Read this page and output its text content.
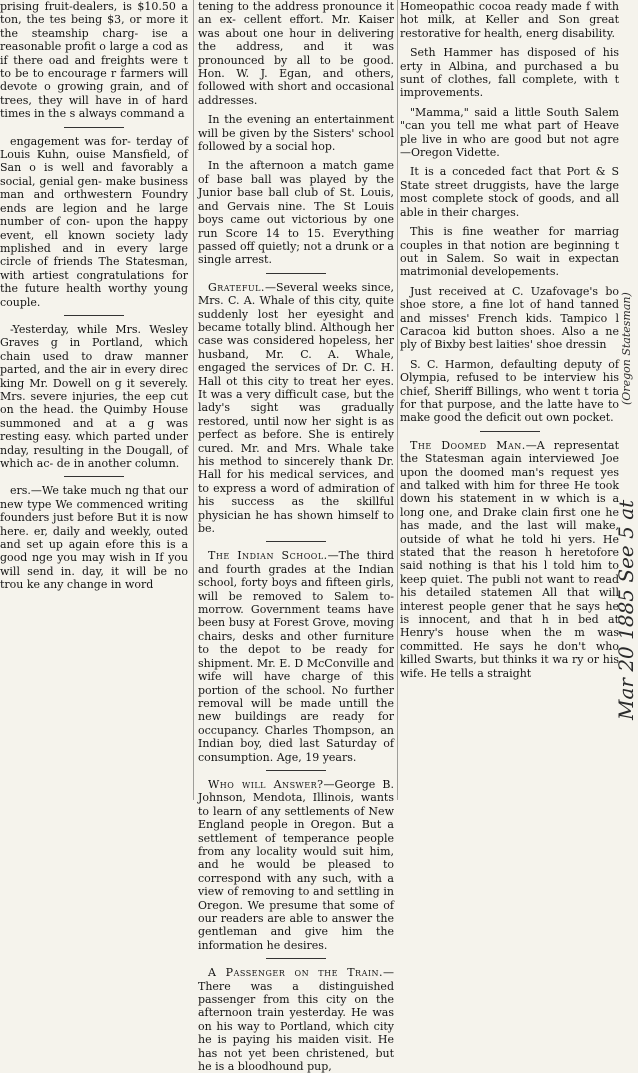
prising fruit-dealers, is $10.50 a ton, the tes being $3, or more it the steamship charg- ise a reasonable profit o large a cod as if there oad and freights were t to be to encourage r farmers will devote o growing grain, and of trees, they will have in of hard times in the s always command a

engagement was for- terday of Louis Kuhn, ouise Mansfield, of San o is well and favorably a social, genial gen- make business man and orthwestern Foundry ends are legion and he large number of con- upon the happy event, ell known society lady mplished and in every large circle of friends The Statesman, with artiest congratulations for the future health worthy young couple.

-Yesterday, while Mrs. Wesley Graves g in Portland, which chain used to draw manner parted, and the air in every direc king Mr. Dowell on g it severely. Mrs. severe injuries, the eep cut on the head. the Quimby House summoned and at a g was resting easy. which parted under nday, resulting in the Dougall, of which ac- de in another column.

ers.—We take much ng that our new type We commenced writing founders just before But it is now here. er, daily and weekly, outed and set up again efore this is a good nge you may wish in If you will send in. day, it will be no trou ke any change in word

tening to the address pronounce it an ex- cellent effort. Mr. Kaiser was about one hour in delivering the address, and it was pronounced by all to be good. Hon. W. J. Egan, and others, followed with short and occasional addresses.

In the evening an entertainment will be given by the Sisters' school followed by a social hop.

In the afternoon a match game of base ball was played by the Junior base ball club of St. Louis, and Gervais nine. The St Louis boys came out victorious by one run Score 14 to 15. Everything passed off quietly; not a drunk or a single arrest.

Grateful.—Several weeks since, Mrs. C. A. Whale of this city, quite suddenly lost her eyesight and became totally blind. Although her case was considered hopeless, her husband, Mr. C. A. Whale, engaged the services of Dr. C. H. Hall ot this city to treat her eyes. It was a very difficult case, but the lady's sight was gradually restored, until now her sight is as perfect as before. She is entirely cured. Mr. and Mrs. Whale take his method to sincerely thank Dr. Hall for his medical services, and to express a word of admiration of his success as the skillful physician he has shown himself to be.

The Indian School.—The third and fourth grades at the Indian school, forty boys and fifteen girls, will be removed to Salem to-morrow. Government teams have been busy at Forest Grove, moving chairs, desks and other furniture to the depot to be ready for shipment. Mr. E. D McConville and wife will have charge of this portion of the school. No further removal will be made untill the new buildings are ready for occupancy. Charles Thompson, an Indian boy, died last Saturday of consumption. Age, 19 years.

Who will Answer?—George B. Johnson, Mendota, Illinois, wants to learn of any settlements of New England people in Oregon. But a settlement of temperance people from any locality would suit him, and he would be pleased to correspond with any such, with a view of removing to and settling in Oregon. We presume that some of our readers are able to answer the gentleman and give him the information he desires.

A Passenger on the Train.—There was a distinguished passenger from this city on the afternoon train yesterday. He was on his way to Portland, which city he is paying his maiden visit. He has not yet been christened, but he is a bloodhound pup,

Homeopathic cocoa ready made f with hot milk, at Keller and Son great restorative for health, energ disability.

Seth Hammer has disposed of his erty in Albina, and purchased a bu sunt of clothes, fall complete, with t improvements.

"Mamma," said a little South Salem "can you tell me what part of Heave ple live in who are good but not agre —Oregon Vidette.

It is a conceded fact that Port & S State street druggists, have the large most complete stock of goods, and all able in their charges.

This is fine weather for marriag couples in that notion are beginning t out in Salem. So wait in expectan matrimonial developements.

Just received at C. Uzafovage's bo shoe store, a fine lot of hand tanned and misses' French kids. Tampico l Caracoa kid button shoes. Also a ne ply of Bixby best laities' shoe dressin

S. C. Harmon, defaulting deputy of Olympia, refused to be interview his chief, Sheriff Billings, who went t toria for that purpose, and the latte have to make good the deficit out own pocket.

The Doomed Man.—A representat the Statesman again interviewed Joe upon the doomed man's request yes and talked with him for three He took down his statement in w which is a long one, and Drake clain first one he has made, and the last will make, outside of what he told hi yers. He stated that the reason h heretofore said nothing is that his l told him to keep quiet. The publi not want to read his detailed statemen All that will interest people gener that he says he is innocent, and that h in bed at Henry's house when the m was committed. He says he don't who killed Swarts, but thinks it wa ry or his wife. He tells a straight	Mar 20 1885 See 5 at
(Oregon Statesman)
